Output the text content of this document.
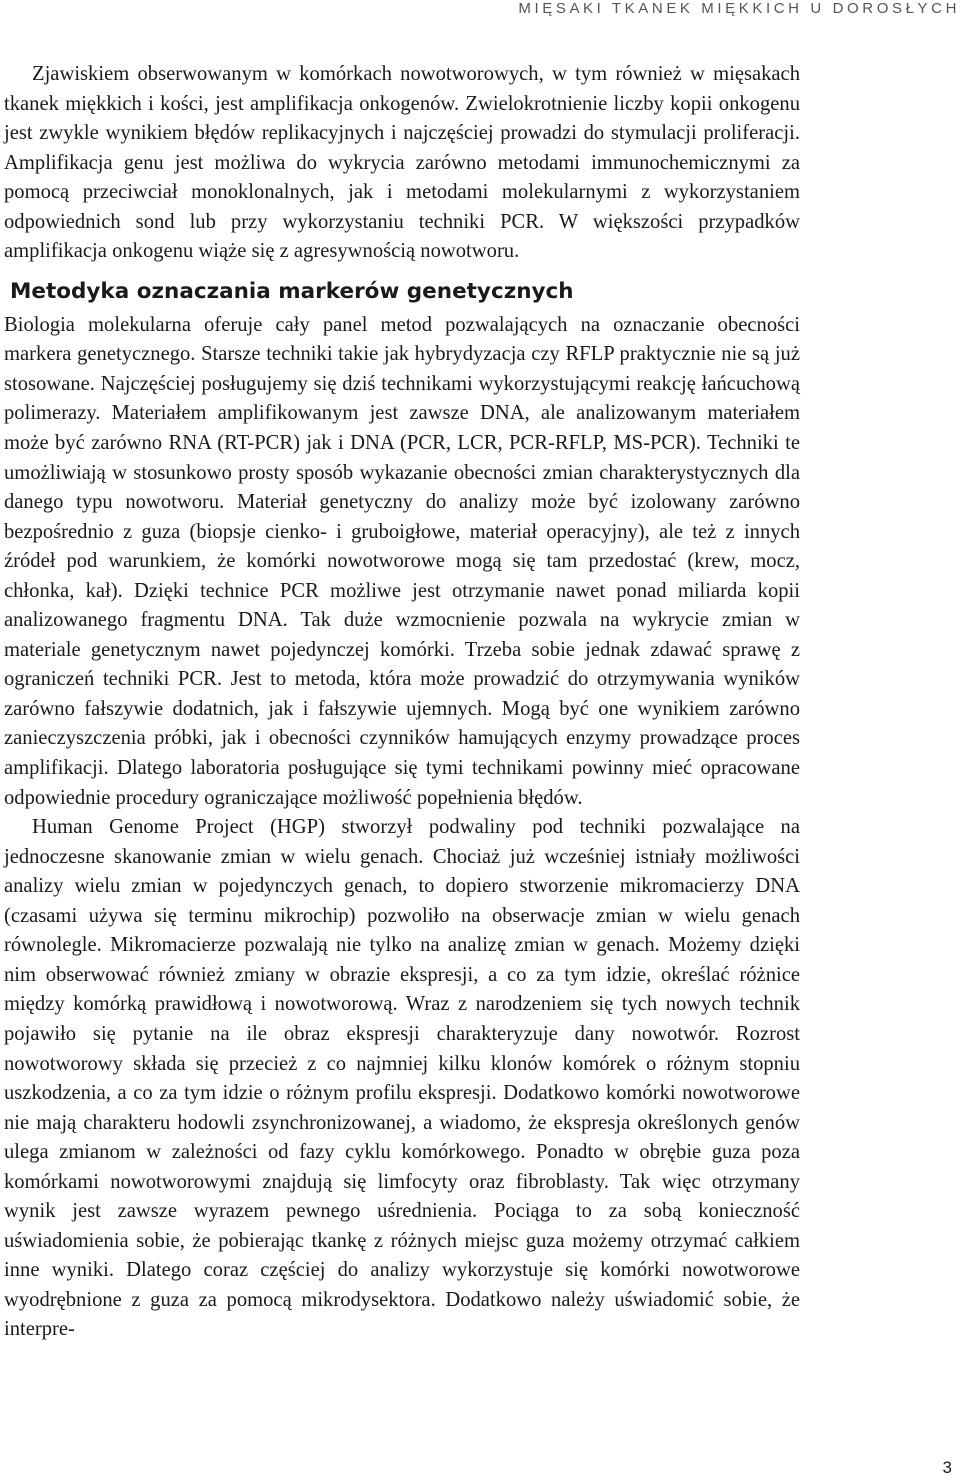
MIĘSAKI TKANEK MIĘKKICH U DOROSŁYCH

Zjawiskiem obserwowanym w komórkach nowotworowych, w tym również w mięsakach tkanek miękkich i kości, jest amplifikacja onkogenów. Zwielokrotnienie liczby kopii onkogenu jest zwykle wynikiem błędów replikacyjnych i najczęściej prowadzi do stymulacji proliferacji. Amplifikacja genu jest możliwa do wykrycia zarówno metodami immunochemicznymi za pomocą przeciwciał monoklonalnych, jak i metodami molekularnymi z wykorzystaniem odpowiednich sond lub przy wykorzystaniu techniki PCR. W większości przypadków amplifikacja onkogenu wiąże się z agresywnością nowotworu.

Metodyka oznaczania markerów genetycznych

Biologia molekularna oferuje cały panel metod pozwalających na oznaczanie obecności markera genetycznego. Starsze techniki takie jak hybrydyzacja czy RFLP praktycznie nie są już stosowane. Najczęściej posługujemy się dziś technikami wykorzystującymi reakcję łańcuchową polimerazy. Materiałem amplifikowanym jest zawsze DNA, ale analizowanym materiałem może być zarówno RNA (RT-PCR) jak i DNA (PCR, LCR, PCR-RFLP, MS-PCR). Techniki te umożliwiają w stosunkowo prosty sposób wykazanie obecności zmian charakterystycznych dla danego typu nowotworu. Materiał genetyczny do analizy może być izolowany zarówno bezpośrednio z guza (biopsje cienko- i gruboigłowe, materiał operacyjny), ale też z innych źródeł pod warunkiem, że komórki nowotworowe mogą się tam przedostać (krew, mocz, chłonka, kał). Dzięki technice PCR możliwe jest otrzymanie nawet ponad miliarda kopii analizowanego fragmentu DNA. Tak duże wzmocnienie pozwala na wykrycie zmian w materiale genetycznym nawet pojedynczej komórki. Trzeba sobie jednak zdawać sprawę z ograniczeń techniki PCR. Jest to metoda, która może prowadzić do otrzymywania wyników zarówno fałszywie dodatnich, jak i fałszywie ujemnych. Mogą być one wynikiem zarówno zanieczyszczenia próbki, jak i obecności czynników hamujących enzymy prowadzące proces amplifikacji. Dlatego laboratoria posługujące się tymi technikami powinny mieć opracowane odpowiednie procedury ograniczające możliwość popełnienia błędów.

Human Genome Project (HGP) stworzył podwaliny pod techniki pozwalające na jednoczesne skanowanie zmian w wielu genach. Chociaż już wcześniej istniały możliwości analizy wielu zmian w pojedynczych genach, to dopiero stworzenie mikromacierzy DNA (czasami używa się terminu mikrochip) pozwoliło na obserwacje zmian w wielu genach równolegle. Mikromacierze pozwalają nie tylko na analizę zmian w genach. Możemy dzięki nim obserwować również zmiany w obrazie ekspresji, a co za tym idzie, określać różnice między komórką prawidłową i nowotworową. Wraz z narodzeniem się tych nowych technik pojawiło się pytanie na ile obraz ekspresji charakteryzuje dany nowotwór. Rozrost nowotworowy składa się przecież z co najmniej kilku klonów komórek o różnym stopniu uszkodzenia, a co za tym idzie o różnym profilu ekspresji. Dodatkowo komórki nowotworowe nie mają charakteru hodowli zsynchronizowanej, a wiadomo, że ekspresja określonych genów ulega zmianom w zależności od fazy cyklu komórkowego. Ponadto w obrębie guza poza komórkami nowotworowymi znajdują się limfocyty oraz fibroblasty. Tak więc otrzymany wynik jest zawsze wyrazem pewnego uśrednienia. Pociąga to za sobą konieczność uświadomienia sobie, że pobierając tkankę z różnych miejsc guza możemy otrzymać całkiem inne wyniki. Dlatego coraz częściej do analizy wykorzystuje się komórki nowotworowe wyodrębnione z guza za pomocą mikrodysektora. Dodatkowo należy uświadomić sobie, że interpre-

3
